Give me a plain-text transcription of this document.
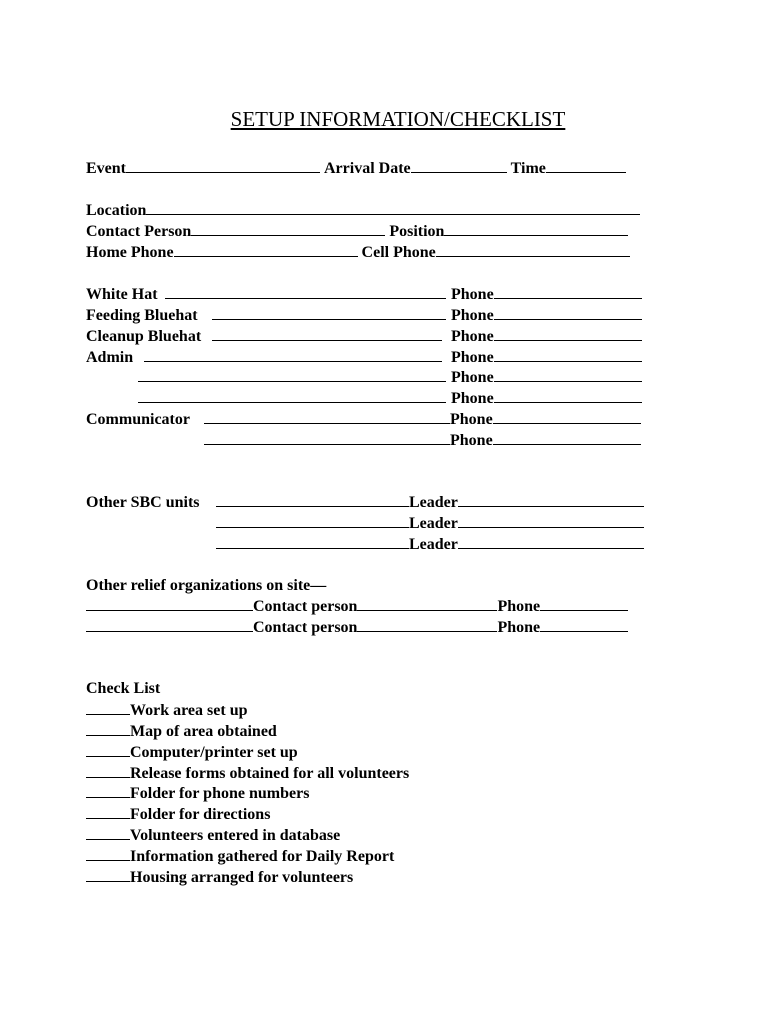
SETUP INFORMATION/CHECKLIST
Event	Arrival Date	Time
Location
Contact Person	Position
Home Phone	Cell Phone
White Hat	Phone
Feeding Bluehat	Phone
Cleanup Bluehat	Phone
Admin	Phone
Phone
Phone
Communicator	Phone
Phone
Other SBC units	Leader
Leader
Leader
Other relief organizations on site—
Contact person	Phone
Contact person	Phone
Check List
Work area set up
Map of area obtained
Computer/printer set up
Release forms obtained for all volunteers
Folder for phone numbers
Folder for directions
Volunteers entered in database
Information gathered for Daily Report
Housing arranged for volunteers
